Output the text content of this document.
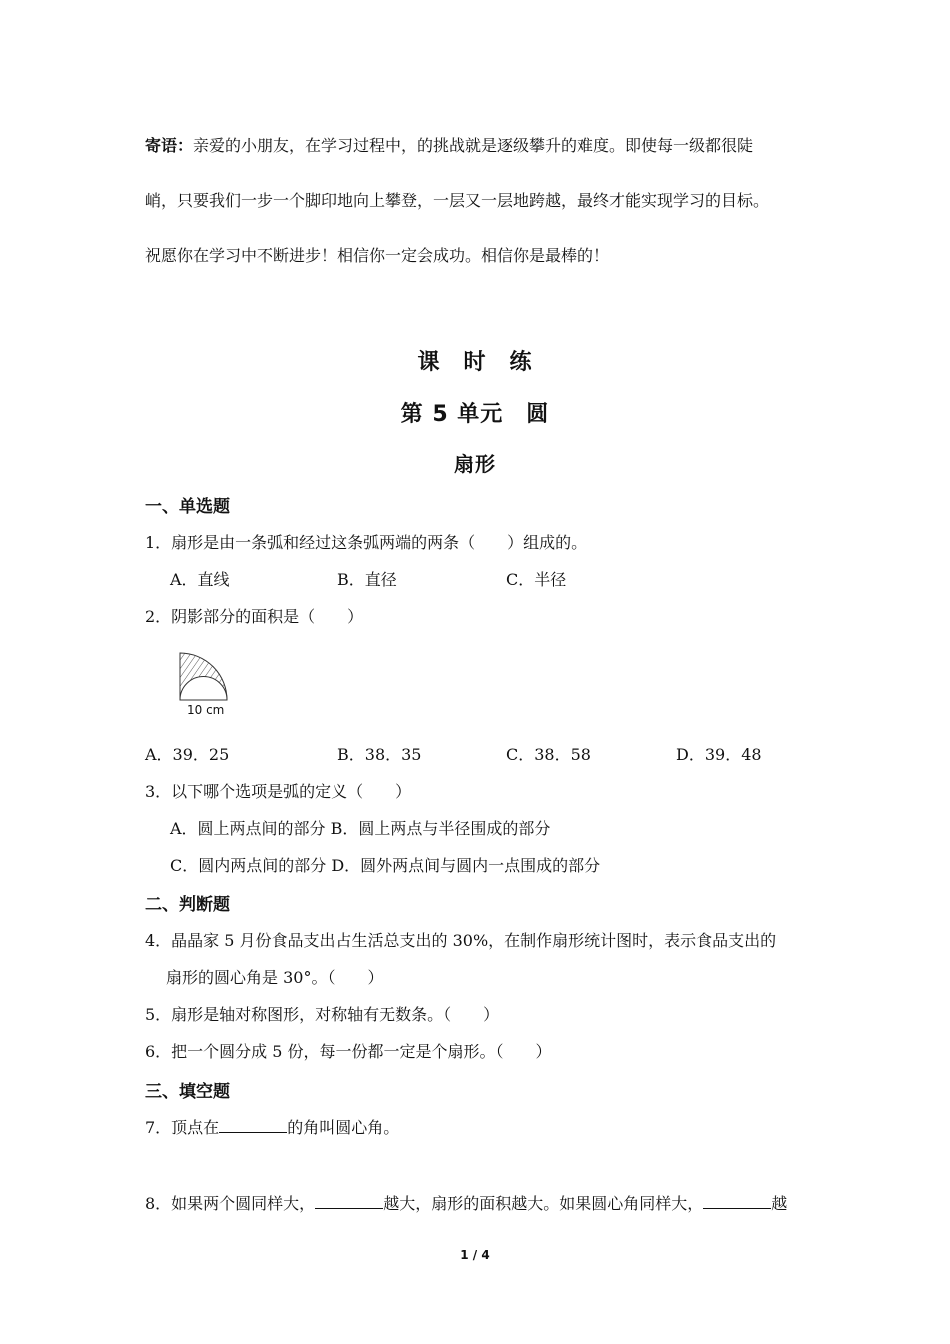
寄语：亲爱的小朋友，在学习过程中，的挑战就是逐级攀升的难度。即使每一级都很陡
峭，只要我们一步一个脚印地向上攀登，一层又一层地跨越，最终才能实现学习的目标。
祝愿你在学习中不断进步！相信你一定会成功。相信你是最棒的！
课　时　练
第 5 单元　圆
扇形
一、单选题
1．扇形是由一条弧和经过这条弧两端的两条（　　）组成的。
A．直线	B．直径	C．半径
2．阴影部分的面积是（　　）
10 cm
A．39．25	B．38．35	C．38．58	D．39．48
3．以下哪个选项是弧的定义（　　）
A．圆上两点间的部分 B．圆上两点与半径围成的部分
C．圆内两点间的部分 D．圆外两点间与圆内一点围成的部分
二、判断题
4．晶晶家 5 月份食品支出占生活总支出的 30%，在制作扇形统计图时，表示食品支出的
扇形的圆心角是 30°。（　　）
5．扇形是轴对称图形，对称轴有无数条。（　　）
6．把一个圆分成 5 份，每一份都一定是个扇形。（　　）
三、填空题
7．顶点在	的角叫圆心角。
8．如果两个圆同样大，	越大，扇形的面积越大。如果圆心角同样大，	越
1 / 4
